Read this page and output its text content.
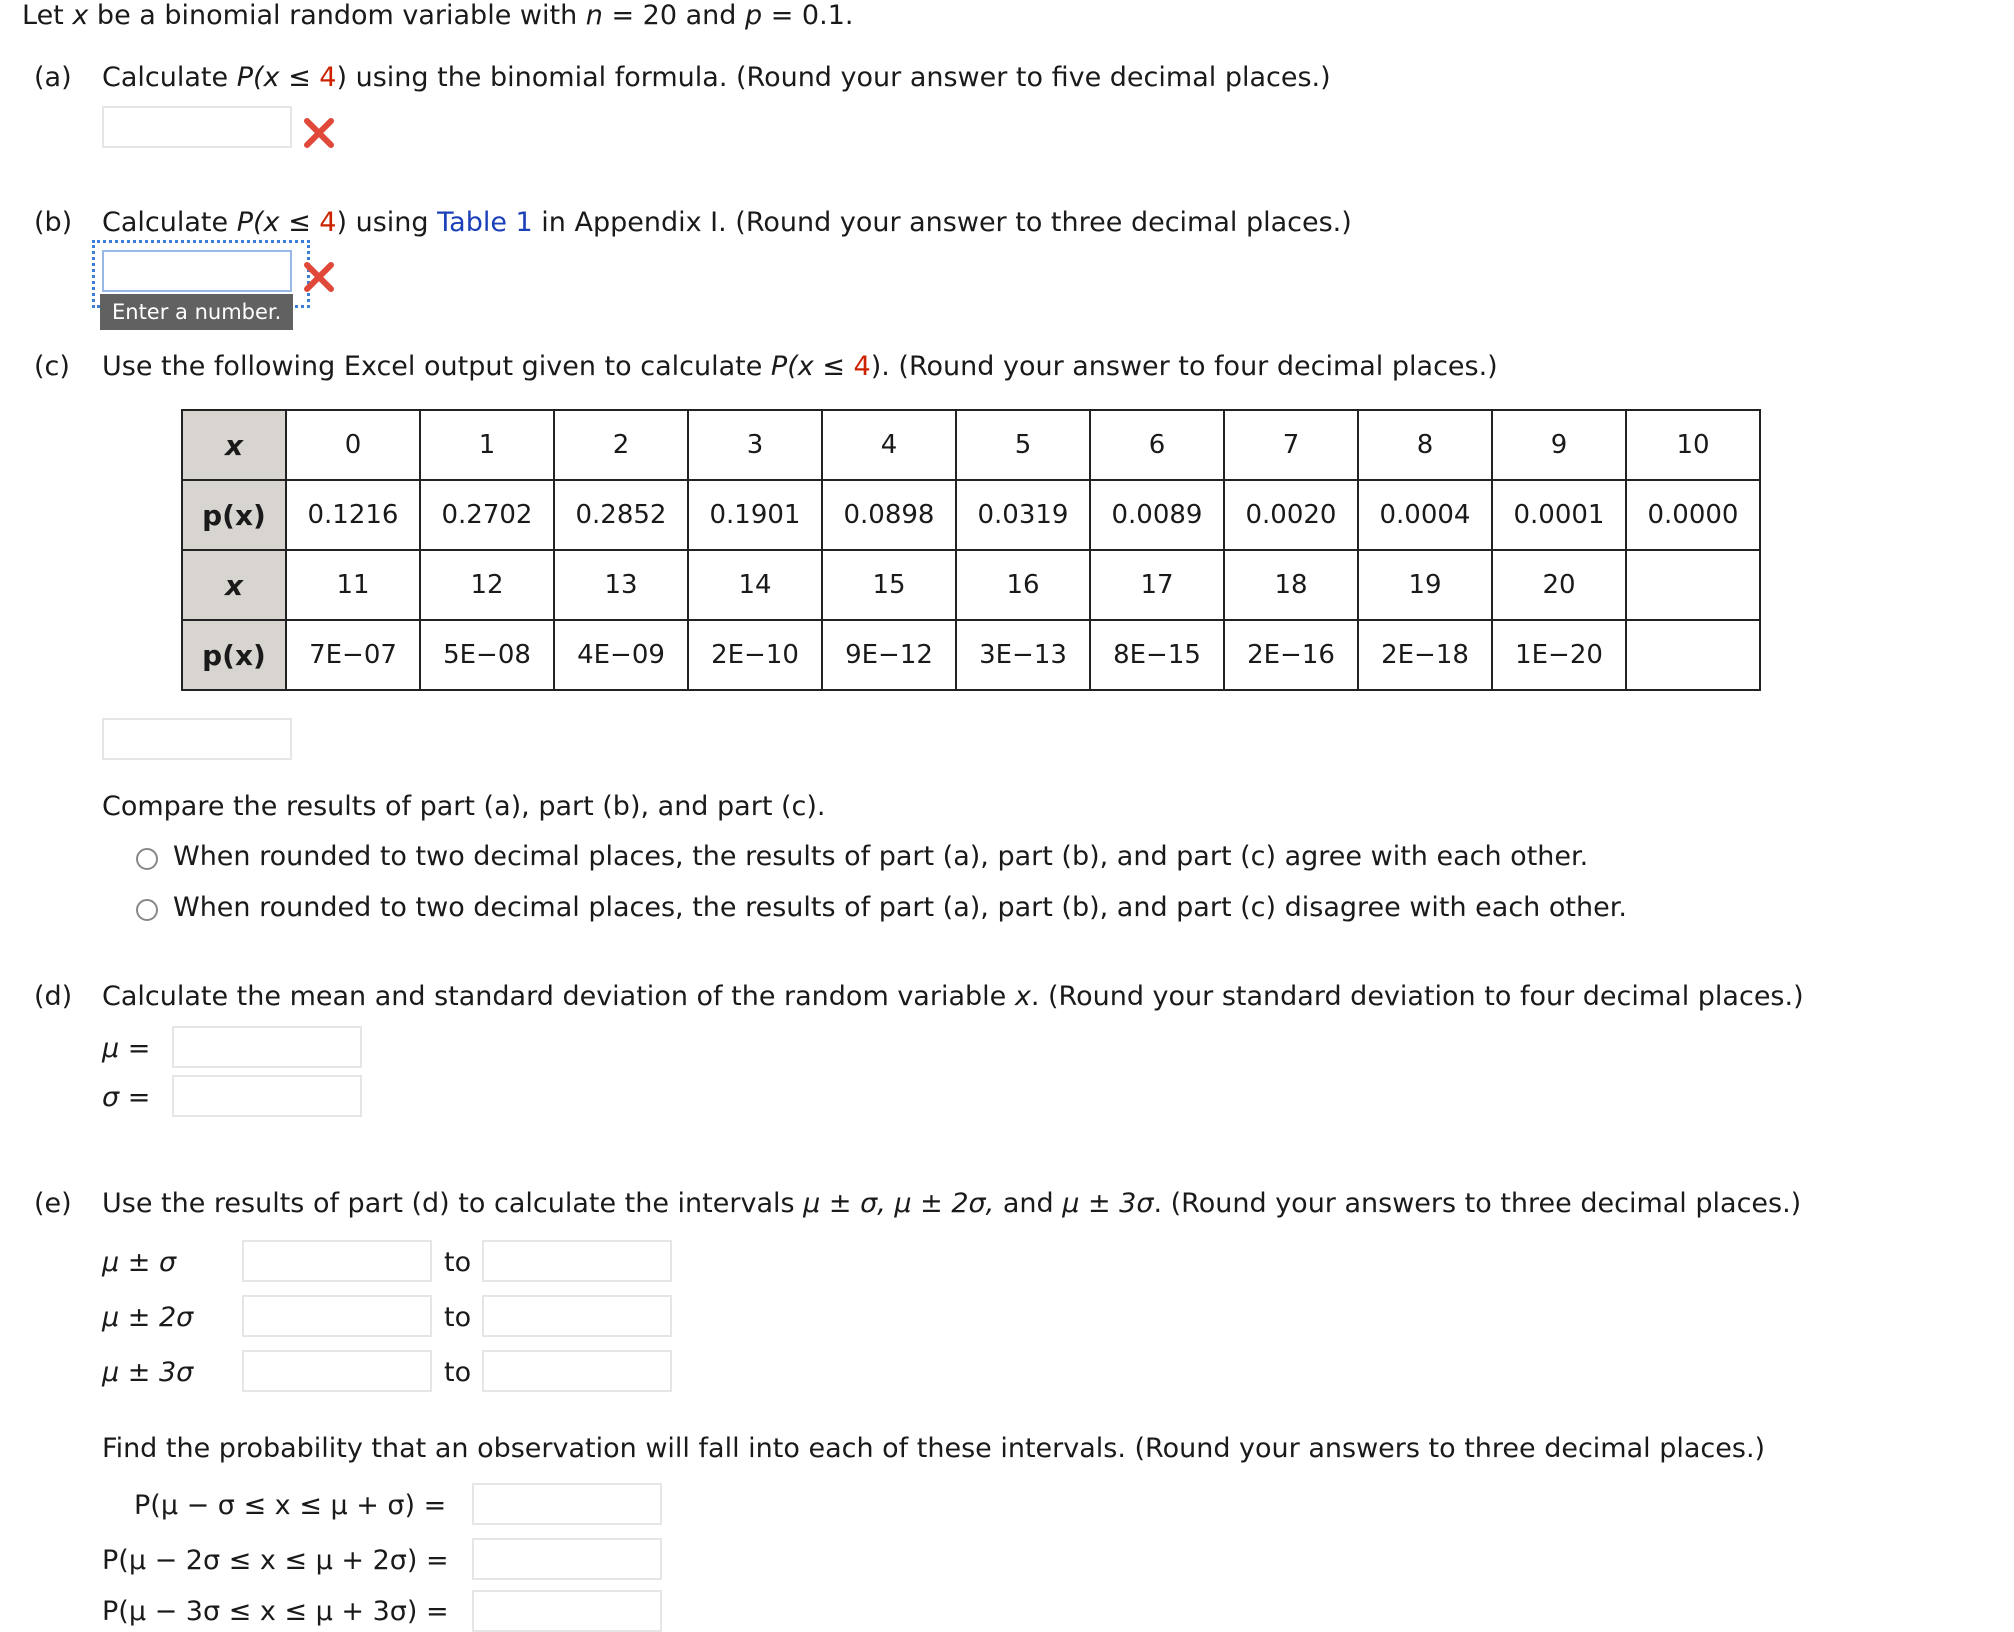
Let x be a binomial random variable with n = 20 and p = 0.1.
(a) Calculate P(x ≤ 4) using the binomial formula. (Round your answer to five decimal places.)
(b) Calculate P(x ≤ 4) using Table 1 in Appendix I. (Round your answer to three decimal places.)
Enter a number.
(c) Use the following Excel output given to calculate P(x ≤ 4). (Round your answer to four decimal places.)
x	0	1	2	3	4	5	6	7	8	9	10
p(x)	0.1216	0.2702	0.2852	0.1901	0.0898	0.0319	0.0089	0.0020	0.0004	0.0001	0.0000
x	11	12	13	14	15	16	17	18	19	20	
p(x)	7E−07	5E−08	4E−09	2E−10	9E−12	3E−13	8E−15	2E−16	2E−18	1E−20	
Compare the results of part (a), part (b), and part (c).
When rounded to two decimal places, the results of part (a), part (b), and part (c) agree with each other.
When rounded to two decimal places, the results of part (a), part (b), and part (c) disagree with each other.
(d) Calculate the mean and standard deviation of the random variable x. (Round your standard deviation to four decimal places.)
μ =
σ =
(e) Use the results of part (d) to calculate the intervals μ ± σ, μ ± 2σ, and μ ± 3σ. (Round your answers to three decimal places.)
μ ± σ	to
μ ± 2σ	to
μ ± 3σ	to
Find the probability that an observation will fall into each of these intervals. (Round your answers to three decimal places.)
P(μ − σ ≤ x ≤ μ + σ) =
P(μ − 2σ ≤ x ≤ μ + 2σ) =
P(μ − 3σ ≤ x ≤ μ + 3σ) =
